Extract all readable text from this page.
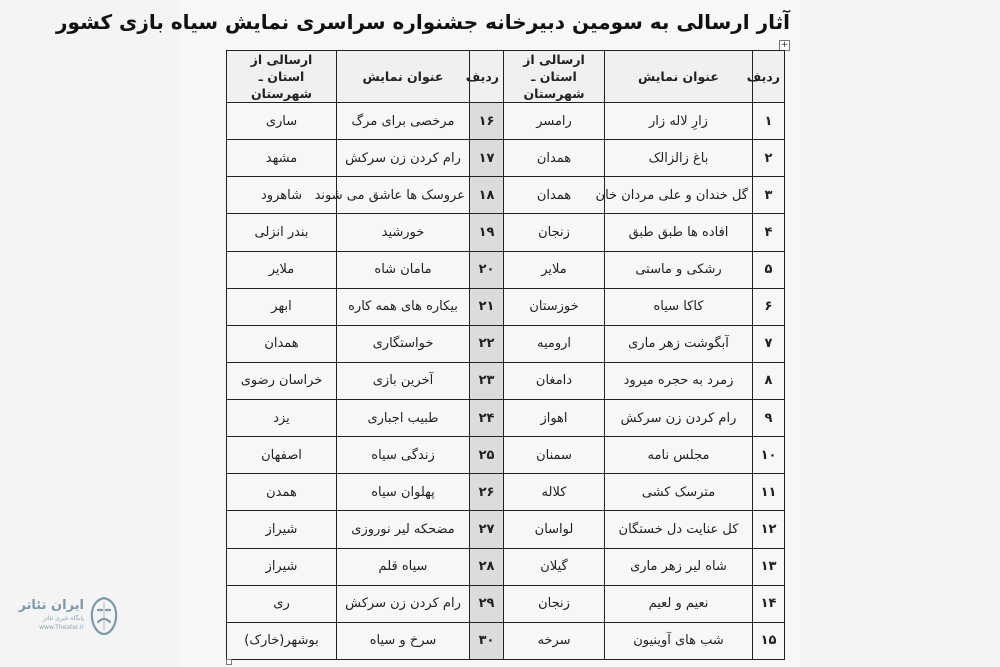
آثار ارسالی به سومین دبیرخانه جشنواره سراسری نمایش سیاه بازی کشور
+
ردیف	عنوان نمایش	ارسالی از استان ـ شهرستان	ردیف	عنوان نمایش	ارسالی از استان ـ شهرستان
۱	زارِ لاله زار	رامسر	۱۶	مرخصی برای مرگ	ساری
۲	باغ زالزالک	همدان	۱۷	رام کردن زن سرکش	مشهد
۳	گل خندان و علی مردان خان	همدان	۱۸	عروسک ها عاشق می شوند	شاهرود
۴	افاده ها طبق طبق	زنجان	۱۹	خورشید	بندر انزلی
۵	رشکی و ماستی	ملایر	۲۰	مامان شاه	ملایر
۶	کاکا سیاه	خوزستان	۲۱	بیکاره های همه کاره	ابهر
۷	آبگوشت زهر ماری	ارومیه	۲۲	خواستگاری	همدان
۸	زمرد به حجره میرود	دامغان	۲۳	آخرین بازی	خراسان رضوی
۹	رام کردن زن سرکش	اهواز	۲۴	طبیب اجباری	یزد
۱۰	مجلس نامه	سمنان	۲۵	زندگی سیاه	اصفهان
۱۱	مترسک کشی	کلاله	۲۶	پهلوان سیاه	همدن
۱۲	کل عنایت دل خستگان	لواسان	۲۷	مضحکه لیر نوروزی	شیراز
۱۳	شاه لیر زهر ماری	گیلان	۲۸	سیاه قلم	شیراز
۱۴	نعیم و لعیم	زنجان	۲۹	رام کردن زن سرکش	ری
۱۵	شب های آوینیون	سرخه	۳۰	سرخ و سیاه	بوشهر(خارک)
ایران تئاتر
پایگاه خبری تئاتر
www.Theater.ir
